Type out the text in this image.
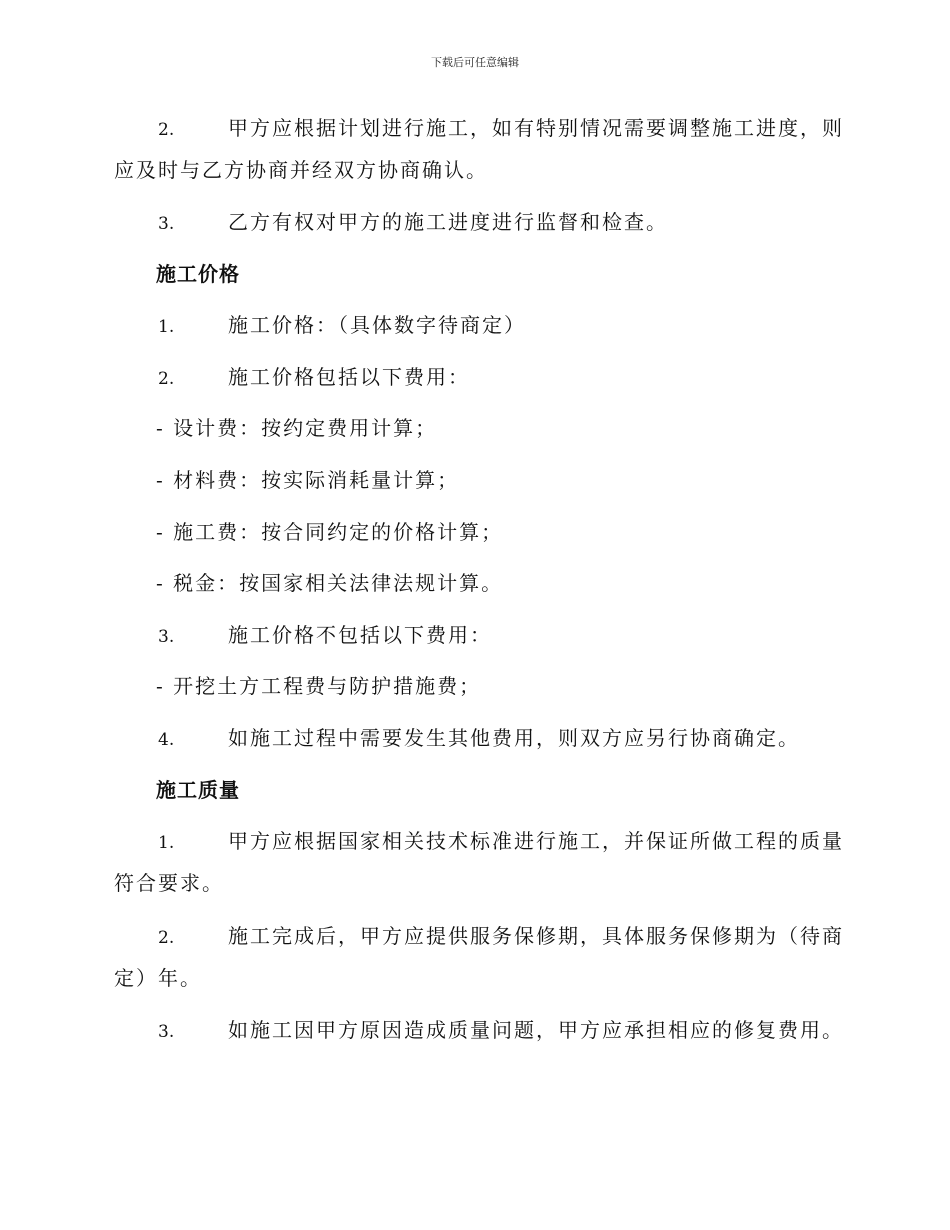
下载后可任意编辑
2.	甲方应根据计划进行施工，如有特别情况需要调整施工进度，则
应及时与乙方协商并经双方协商确认。
3.	乙方有权对甲方的施工进度进行监督和检查。
施工价格
1.	施工价格：（具体数字待商定）
2.	施工价格包括以下费用：
- 设计费：按约定费用计算；
- 材料费：按实际消耗量计算；
- 施工费：按合同约定的价格计算；
- 税金：按国家相关法律法规计算。
3.	施工价格不包括以下费用：
- 开挖土方工程费与防护措施费；
4.	如施工过程中需要发生其他费用，则双方应另行协商确定。
施工质量
1.	甲方应根据国家相关技术标准进行施工，并保证所做工程的质量
符合要求。
2.	施工完成后，甲方应提供服务保修期，具体服务保修期为（待商
定）年。
3.	如施工因甲方原因造成质量问题，甲方应承担相应的修复费用。
